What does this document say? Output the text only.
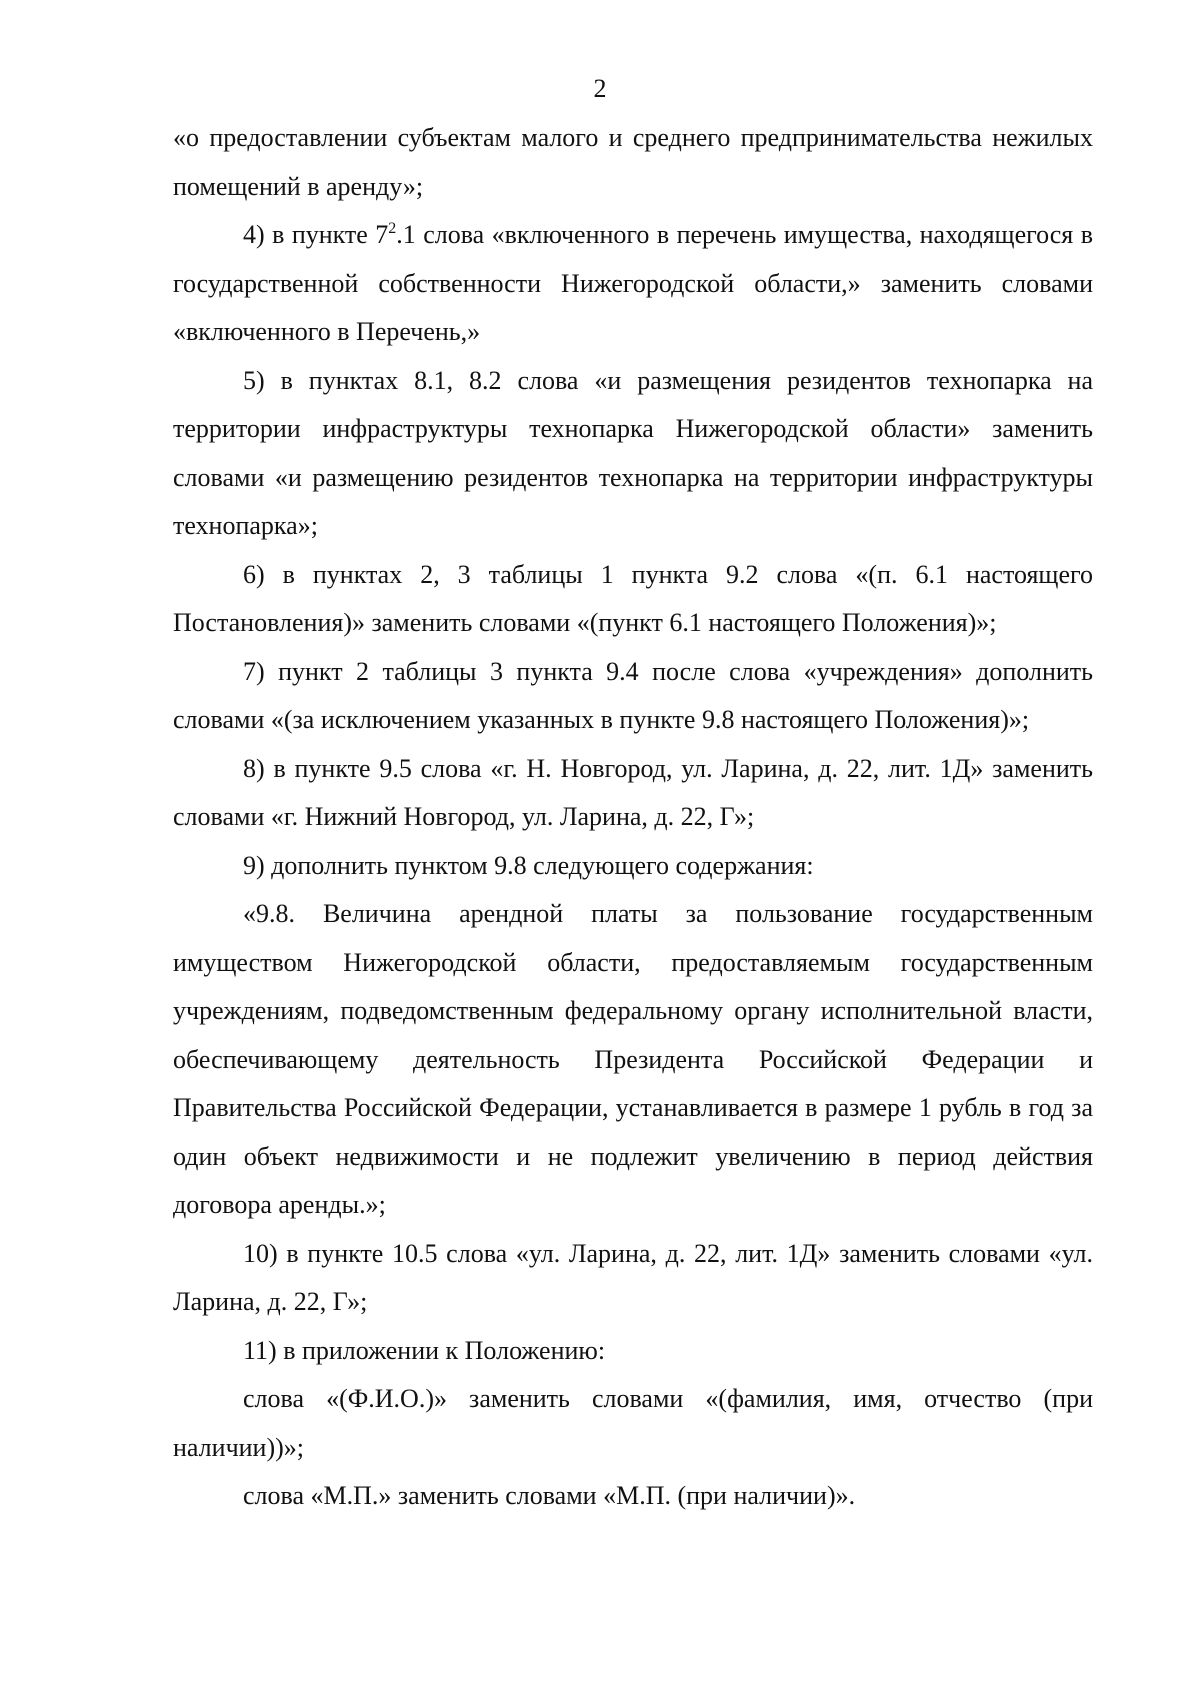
2

«о предоставлении субъектам малого и среднего предпринимательства нежилых помещений в аренду»;

4) в пункте $7^2.1$ слова «включенного в перечень имущества, находящегося в государственной собственности Нижегородской области,» заменить словами «включенного в Перечень,»

5) в пунктах 8.1, 8.2 слова «и размещения резидентов технопарка на территории инфраструктуры технопарка Нижегородской области» заменить словами «и размещению резидентов технопарка на территории инфраструктуры технопарка»;

6) в пунктах 2, 3 таблицы 1 пункта 9.2 слова «(п. 6.1 настоящего Постановления)» заменить словами «(пункт 6.1 настоящего Положения)»;

7) пункт 2 таблицы 3 пункта 9.4 после слова «учреждения» дополнить словами «(за исключением указанных в пункте 9.8 настоящего Положения)»;

8) в пункте 9.5 слова «г. Н. Новгород, ул. Ларина, д. 22, лит. 1Д» заменить словами «г. Нижний Новгород, ул. Ларина, д. 22, Г»;

9) дополнить пунктом 9.8 следующего содержания:

«9.8. Величина арендной платы за пользование государственным имуществом Нижегородской области, предоставляемым государственным учреждениям, подведомственным федеральному органу исполнительной власти, обеспечивающему деятельность Президента Российской Федерации и Правительства Российской Федерации, устанавливается в размере 1 рубль в год за один объект недвижимости и не подлежит увеличению в период действия договора аренды.»;

10) в пункте 10.5 слова «ул. Ларина, д. 22, лит. 1Д» заменить словами «ул. Ларина, д. 22, Г»;

11) в приложении к Положению:

слова «(Ф.И.О.)» заменить словами «(фамилия, имя, отчество (при наличии))»;

слова «М.П.» заменить словами «М.П. (при наличии)».
